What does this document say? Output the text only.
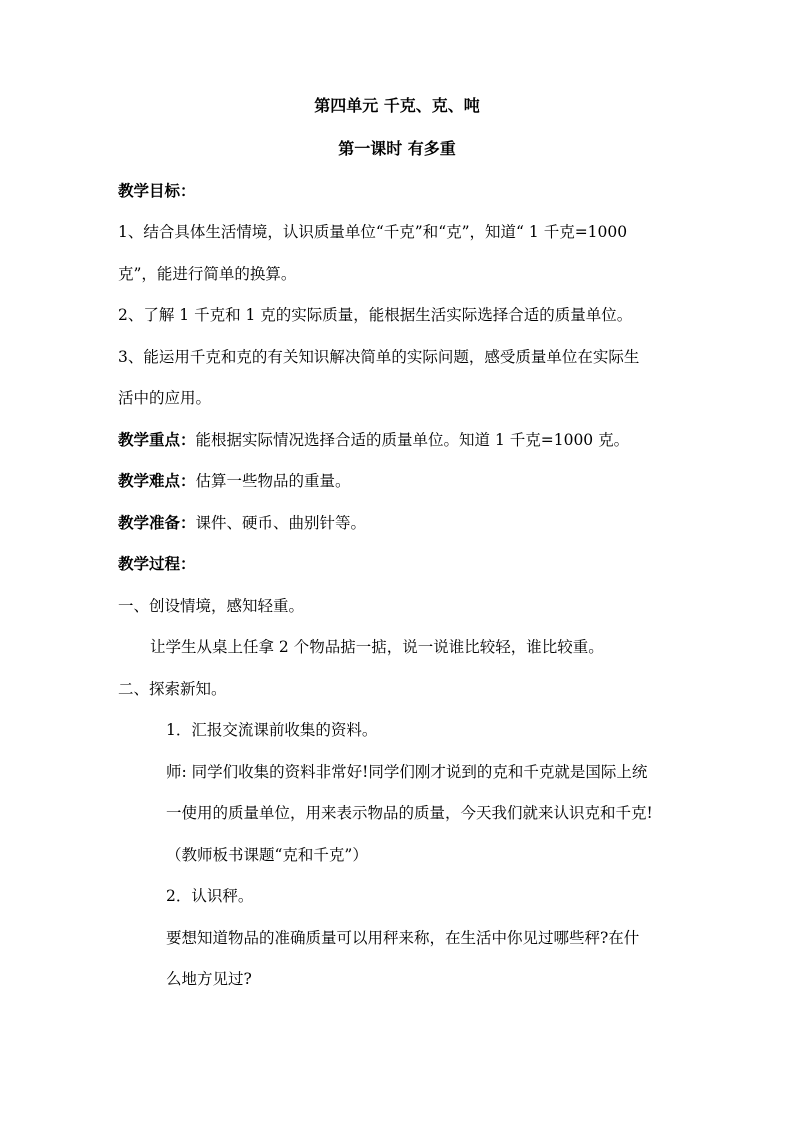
第四单元 千克、克、吨
第一课时 有多重
教学目标：
1、结合具体生活情境，认识质量单位“千克”和“克”，知道“ 1 千克=1000
克”，能进行简单的换算。
2、了解 1 千克和 1 克的实际质量，能根据生活实际选择合适的质量单位。
3、能运用千克和克的有关知识解决简单的实际问题，感受质量单位在实际生
活中的应用。
教学重点：能根据实际情况选择合适的质量单位。知道 1 千克=1000 克。
教学难点：估算一些物品的重量。
教学准备：课件、硬币、曲别针等。
教学过程：
一、创设情境，感知轻重。
让学生从桌上任拿 2 个物品掂一掂，说一说谁比较轻，谁比较重。
二、探索新知。
1．汇报交流课前收集的资料。
师: 同学们收集的资料非常好!同学们刚才说到的克和千克就是国际上统
一使用的质量单位，用来表示物品的质量，今天我们就来认识克和千克!
（教师板书课题“克和千克”）
2．认识秤。
要想知道物品的准确质量可以用秤来称，在生活中你见过哪些秤?在什
么地方见过?
